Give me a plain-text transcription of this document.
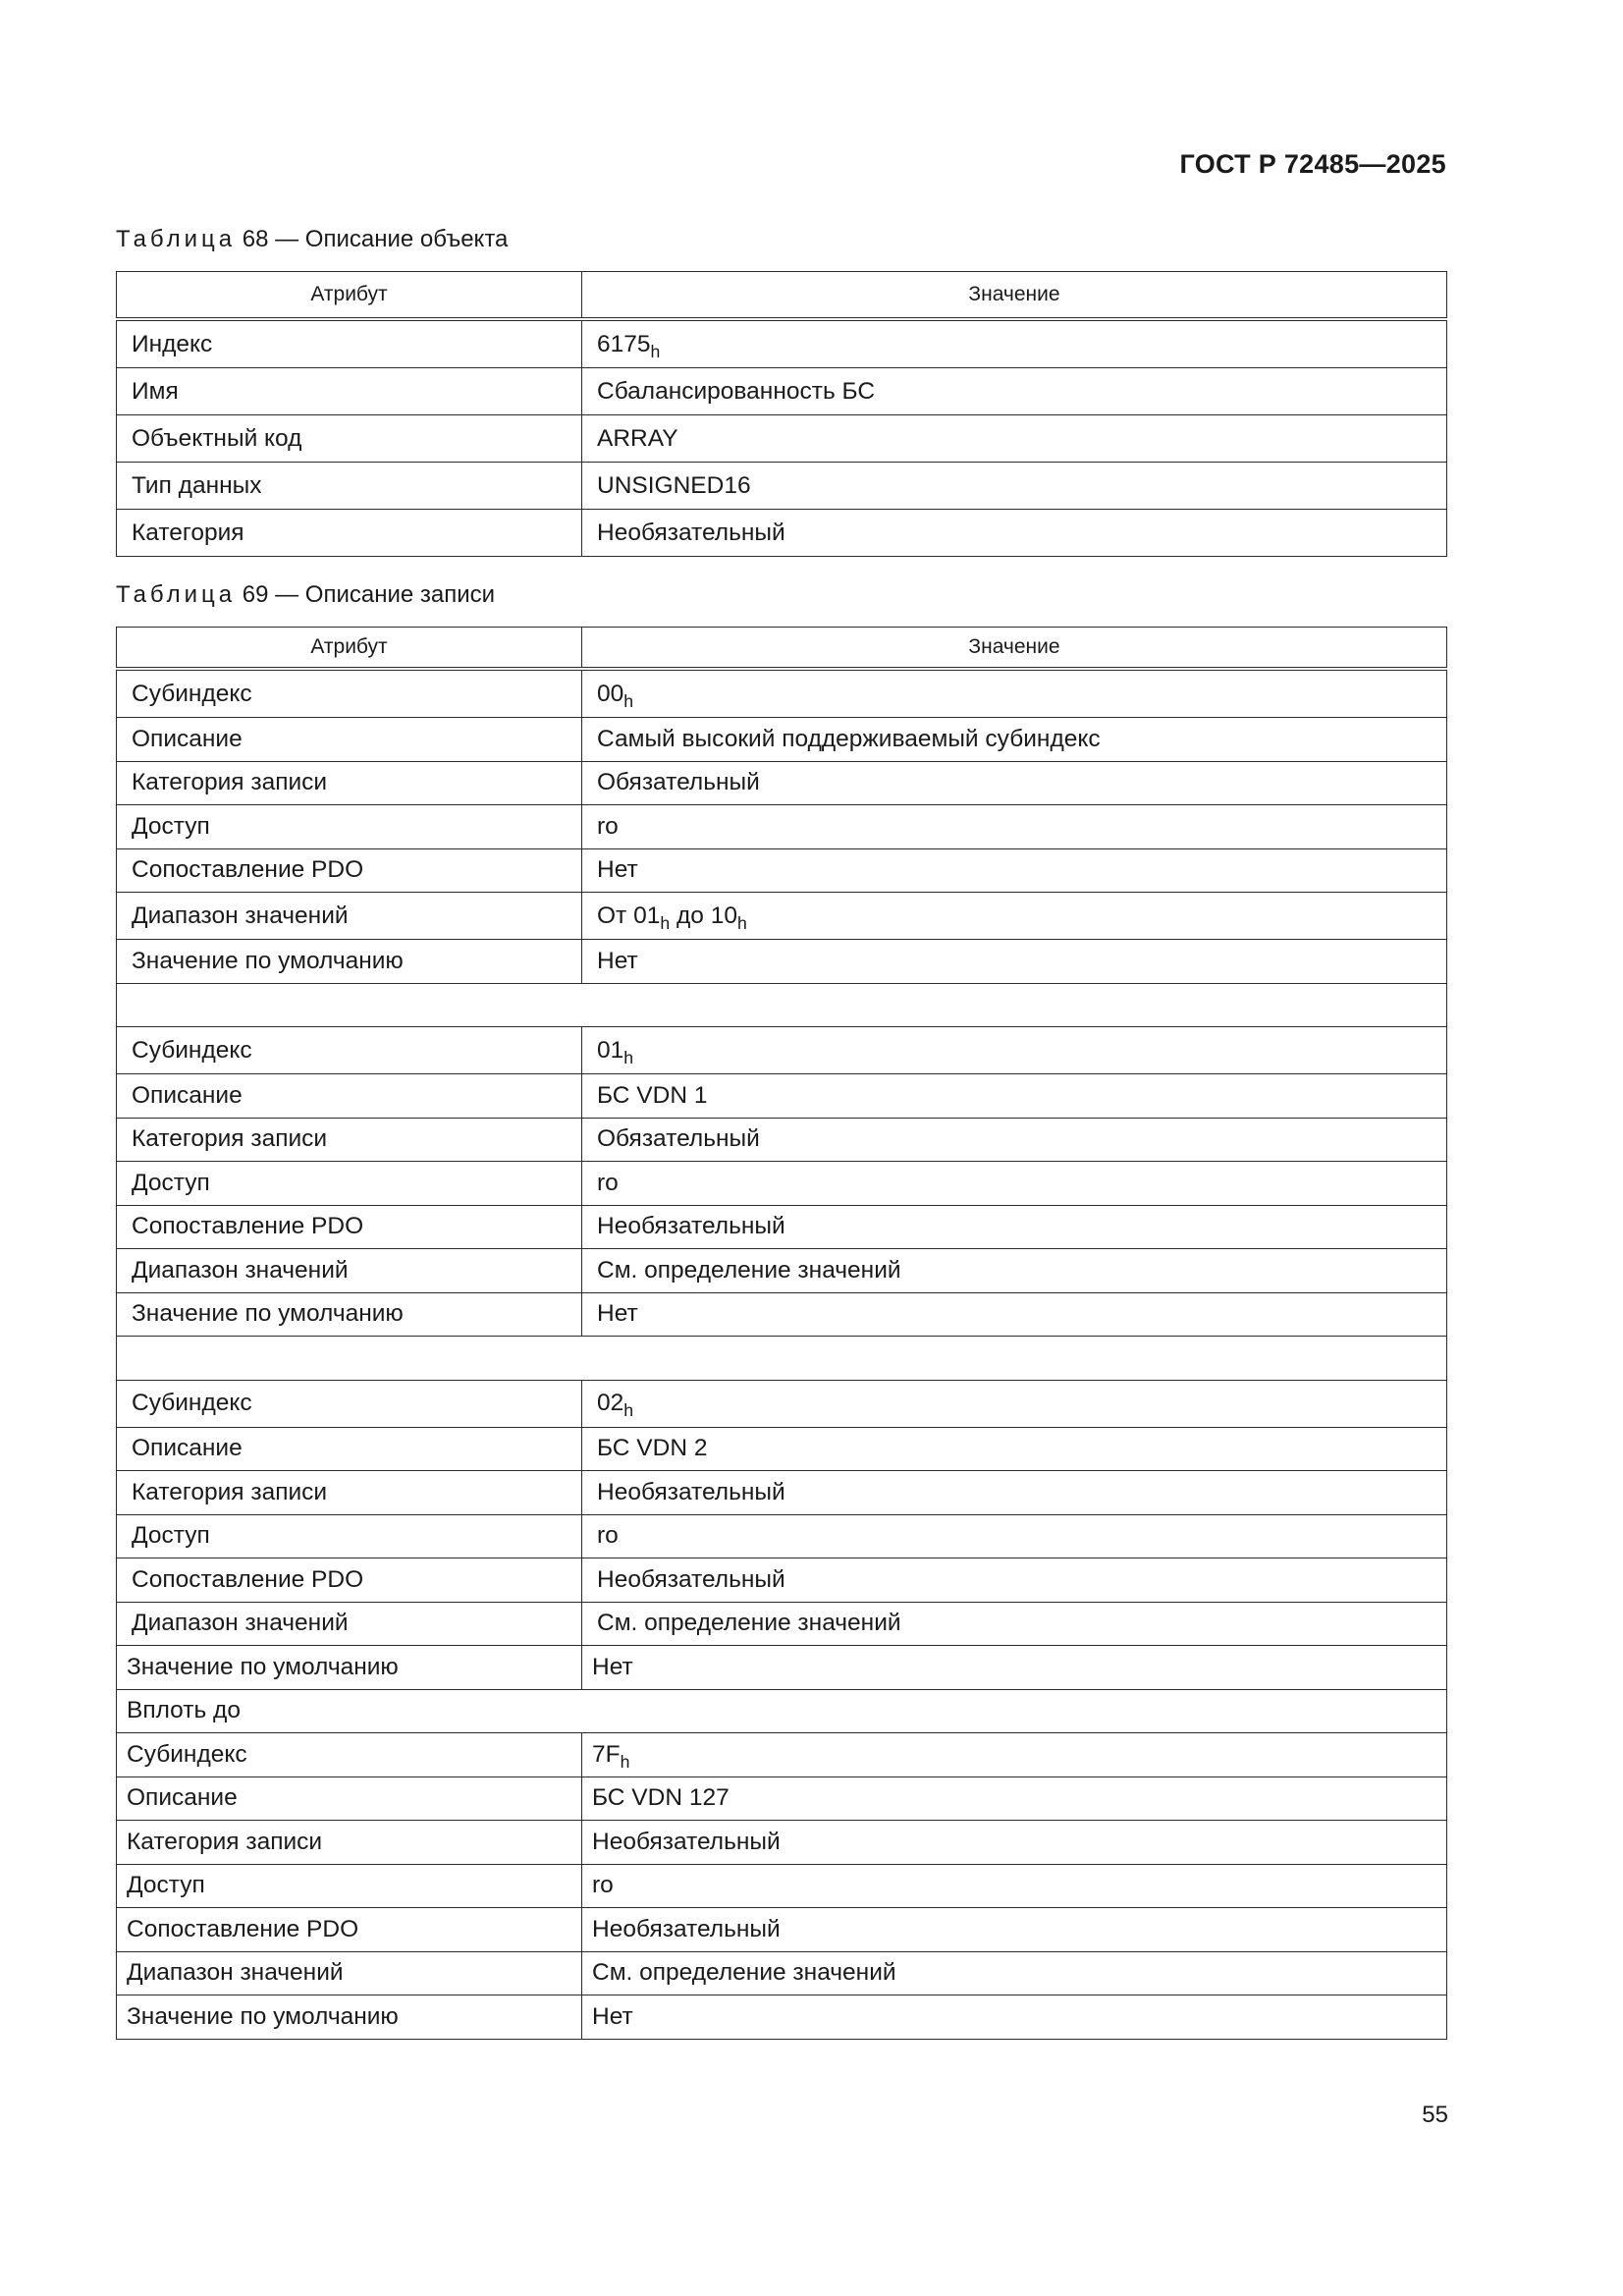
ГОСТ Р 72485—2025
Таблица 68 — Описание объекта
Атрибут	Значение
Индекс	$6175_h$
Имя	Сбалансированность БС
Объектный код	ARRAY
Тип данных	UNSIGNED16
Категория	Необязательный
Таблица 69 — Описание записи
Атрибут	Значение
Субиндекс	$00_h$
Описание	Самый высокий поддерживаемый субиндекс
Категория записи	Обязательный
Доступ	ro
Сопоставление PDO	Нет
Диапазон значений	От $01_h$ до $10_h$
Значение по умолчанию	Нет

Субиндекс	$01_h$
Описание	БС VDN 1
Категория записи	Обязательный
Доступ	ro
Сопоставление PDO	Необязательный
Диапазон значений	См. определение значений
Значение по умолчанию	Нет

Субиндекс	$02_h$
Описание	БС VDN 2
Категория записи	Необязательный
Доступ	ro
Сопоставление PDO	Необязательный
Диапазон значений	См. определение значений
Значение по умолчанию	Нет
Вплоть до	
Субиндекс	$7F_h$
Описание	БС VDN 127
Категория записи	Необязательный
Доступ	ro
Сопоставление PDO	Необязательный
Диапазон значений	См. определение значений
Значение по умолчанию	Нет
55
